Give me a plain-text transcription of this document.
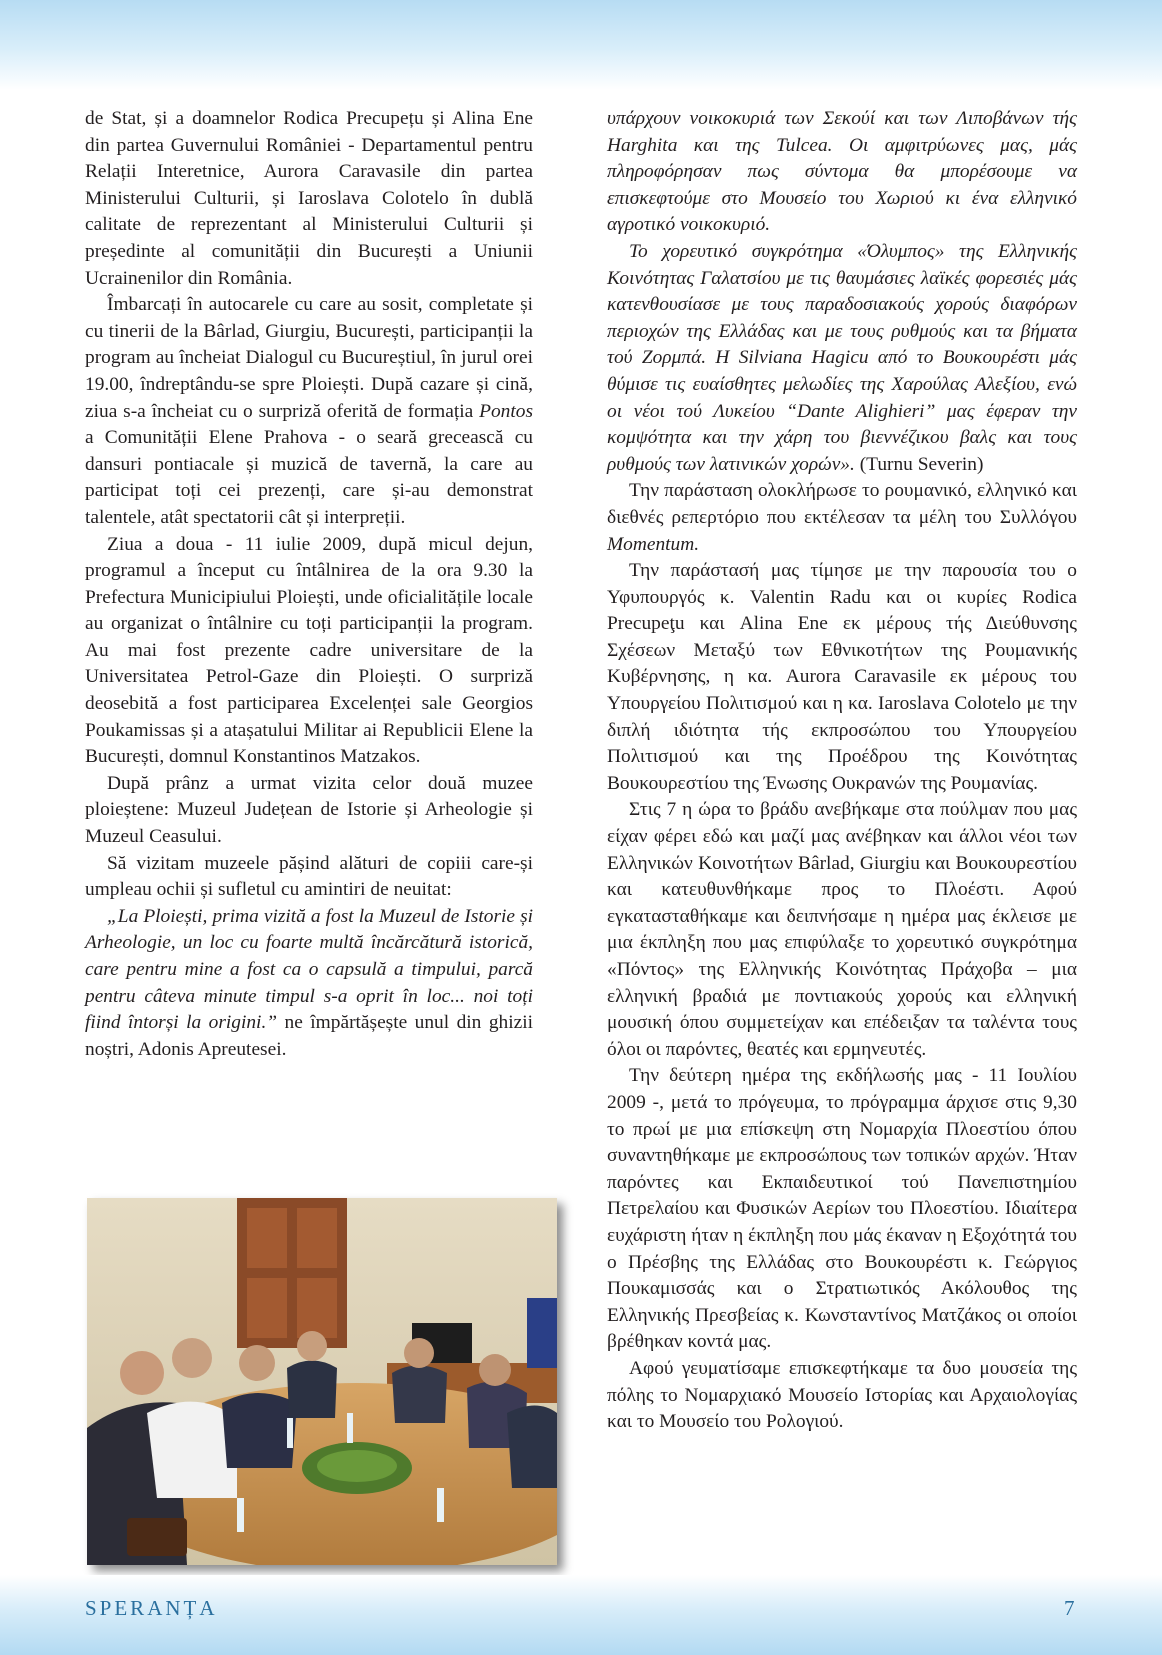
de Stat, și a doamnelor Rodica Precupețu și Alina Ene din partea Guvernului României - Departamentul pentru Relații Interetnice, Aurora Caravasile din partea Ministerului Culturii, și Iaroslava Colotelo în dublă calitate de reprezentant al Ministerului Culturii și președinte al comunității din București a Uniunii Ucrainenilor din România.

Îmbarcați în autocarele cu care au sosit, completate și cu tinerii de la Bârlad, Giurgiu, București, participanții la program au încheiat Dialogul cu Bucureștiul, în jurul orei 19.00, îndreptându-se spre Ploiești. După cazare și cină, ziua s-a încheiat cu o surpriză oferită de formația Pontos a Comunității Elene Prahova - o seară grecească cu dansuri pontiacale și muzică de tavernă, la care au participat toți cei prezenți, care și-au demonstrat talentele, atât spectatorii cât și interpreții.

Ziua a doua - 11 iulie 2009, după micul dejun, programul a început cu întâlnirea de la ora 9.30 la Prefectura Municipiului Ploiești, unde oficialitățile locale au organizat o întâlnire cu toți participanții la program. Au mai fost prezente cadre universitare de la Universitatea Petrol-Gaze din Ploiești. O surpriză deosebită a fost participarea Excelenței sale Georgios Poukamissas și a atașatului Militar ai Republicii Elene la București, domnul Konstantinos Matzakos.

După prânz a urmat vizita celor două muzee ploieștene: Muzeul Județean de Istorie și Arheologie și Muzeul Ceasului.

Să vizitam muzeele pășind alături de copiii care-și umpleau ochii și sufletul cu amintiri de neuitat:

„La Ploiești, prima vizită a fost la Muzeul de Istorie și Arheologie, un loc cu foarte multă încărcătură istorică, care pentru mine a fost ca o capsulă a timpului, parcă pentru câteva minute timpul s-a oprit în loc... noi toți fiind întorși la origini.” ne împărtășește unul din ghizii noștri, Adonis Apreutesei.

υπάρχουν νοικοκυριά των Σεκούί και των Λιποβάνων τής Harghita και της Tulcea. Οι αμφιτρύωνες μας, μάς πληροφόρησαν πως σύντομα θα μπορέσουμε να επισκεφτούμε στο Μουσείο του Χωριού κι ένα ελληνικό αγροτικό νοικοκυριό.

Το χορευτικό συγκρότημα «Όλυμπος» της Ελληνικής Κοινότητας Γαλατσίου με τις θαυμάσιες λαϊκές φορεσιές μάς κατενθουσίασε με τους παραδοσιακούς χορούς διαφόρων περιοχών της Ελλάδας και με τους ρυθμούς και τα βήματα τού Ζορμπά. Η Silviana Hagicu από το Βουκουρέστι μάς θύμισε τις ευαίσθητες μελωδίες της Χαρούλας Αλεξίου, ενώ οι νέοι τού Λυκείου “Dante Alighieri” μας έφεραν την κομψότητα και την χάρη του βιεννέζικου βαλς και τους ρυθμούς των λατινικών χορών». (Turnu Severin)

Την παράσταση ολοκλήρωσε το ρουμανικό, ελληνικό και διεθνές ρεπερτόριο που εκτέλεσαν τα μέλη του Συλλόγου Momentum.

Την παράστασή μας τίμησε με την παρουσία του ο Υφυπουργός κ. Valentin Radu και οι κυρίες Rodica Precupeţu και Alina Ene εκ μέρους τής Διεύθυνσης Σχέσεων Μεταξύ των Εθνικοτήτων της Ρουμανικής Κυβέρνησης, η κα. Aurora Caravasile εκ μέρους του Υπουργείου Πολιτισμού και η κα. Iaroslava Colotelo με την διπλή ιδιότητα τής εκπροσώπου του Υπουργείου Πολιτισμού και της Προέδρου της Κοινότητας Βουκουρεστίου της Ένωσης Ουκρανών της Ρουμανίας.

Στις 7 η ώρα το βράδυ ανεβήκαμε στα πούλμαν που μας είχαν φέρει εδώ και μαζί μας ανέβηκαν και άλλοι νέοι των Ελληνικών Κοινοτήτων Bârlad, Giurgiu και Βουκουρεστίου και κατευθυνθήκαμε προς το Πλοέστι. Αφού εγκατασταθήκαμε και δειπνήσαμε η ημέρα μας έκλεισε με μια έκπληξη που μας επιφύλαξε το χορευτικό συγκρότημα «Πόντος» της Ελληνικής Κοινότητας Πράχοβα – μια ελληνική βραδιά με ποντιακούς χορούς και ελληνική μουσική όπου συμμετείχαν και επέδειξαν τα ταλέντα τους όλοι οι παρόντες, θεατές και ερμηνευτές.

Την δεύτερη ημέρα της εκδήλωσής μας - 11 Ιουλίου 2009 -, μετά το πρόγευμα, το πρόγραμμα άρχισε στις 9,30 το πρωί με μια επίσκεψη στη Νομαρχία Πλοεστίου όπου συναντηθήκαμε με εκπροσώπους των τοπικών αρχών. Ήταν παρόντες και Εκπαιδευτικοί τού Πανεπιστημίου Πετρελαίου και Φυσικών Αερίων του Πλοεστίου. Ιδιαίτερα ευχάριστη ήταν η έκπληξη που μάς έκαναν η Εξοχότητά του ο Πρέσβης της Ελλάδας στο Βουκουρέστι κ. Γεώργιος Πουκαμισσάς και ο Στρατιωτικός Ακόλουθος της Ελληνικής Πρεσβείας κ. Κωνσταντίνος Ματζάκος οι οποίοι βρέθηκαν κοντά μας.

Αφού γευματίσαμε επισκεφτήκαμε τα δυο μουσεία της πόλης το Νομαρχιακό Μουσείο Ιστορίας και Αρχαιολογίας και το Μουσείο του Ρολογιού.

SPERANȚA	7
